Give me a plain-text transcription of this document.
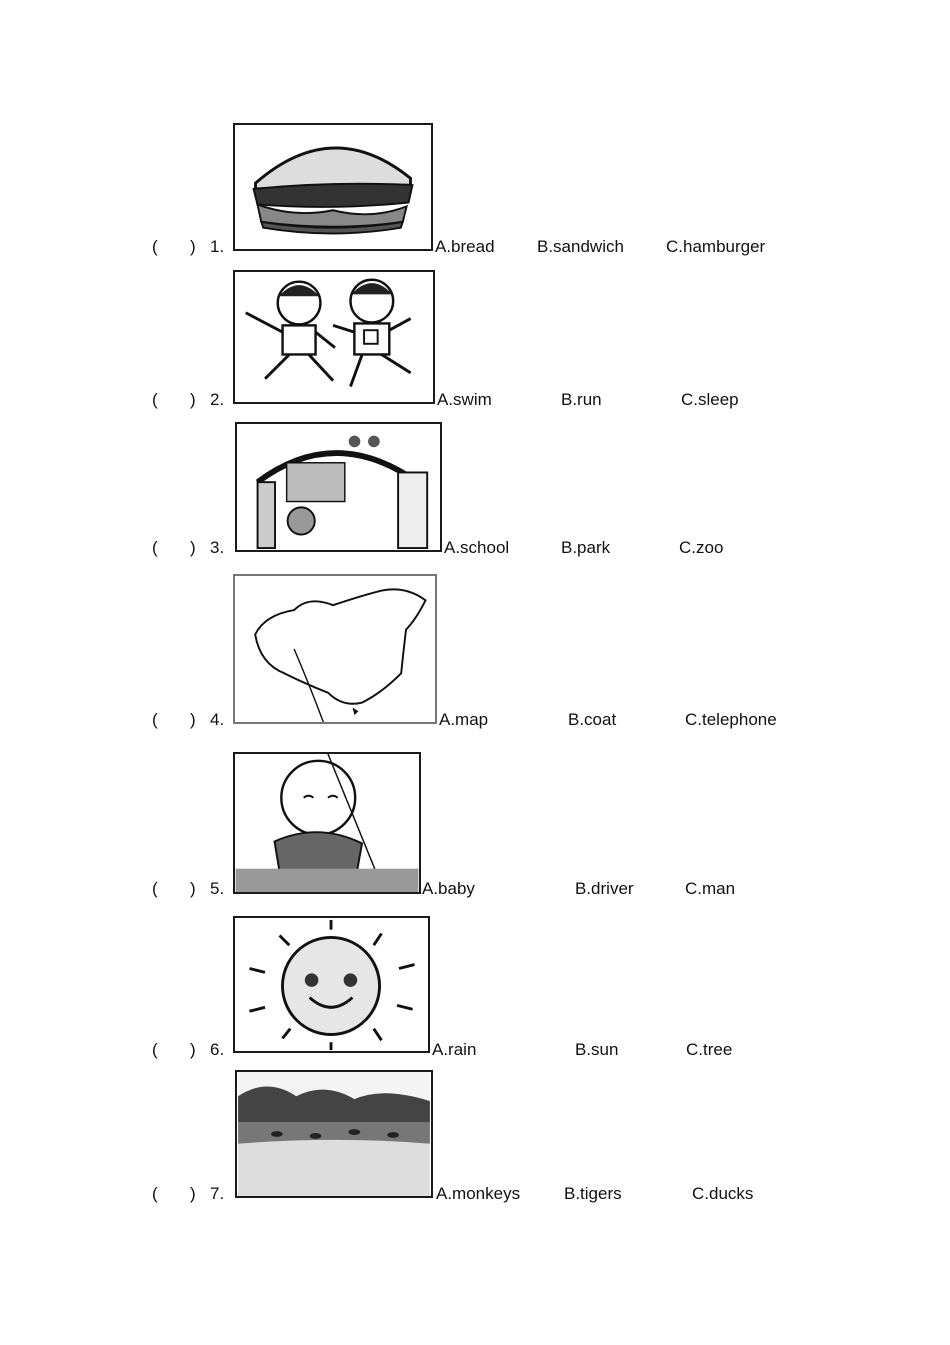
( ) 1.	A.bread B.sandwich C.hamburger
( ) 2.	A.swim	B.run	C.sleep
( ) 3.	A.school	B.park	C.zoo
( ) 4.	A.map	B.coat	C.telephone
( ) 5.	A.baby	B.driver	C.man
( ) 6.	A.rain	B.sun	C.tree
( ) 7.	A.monkeys	B.tigers	C.ducks
